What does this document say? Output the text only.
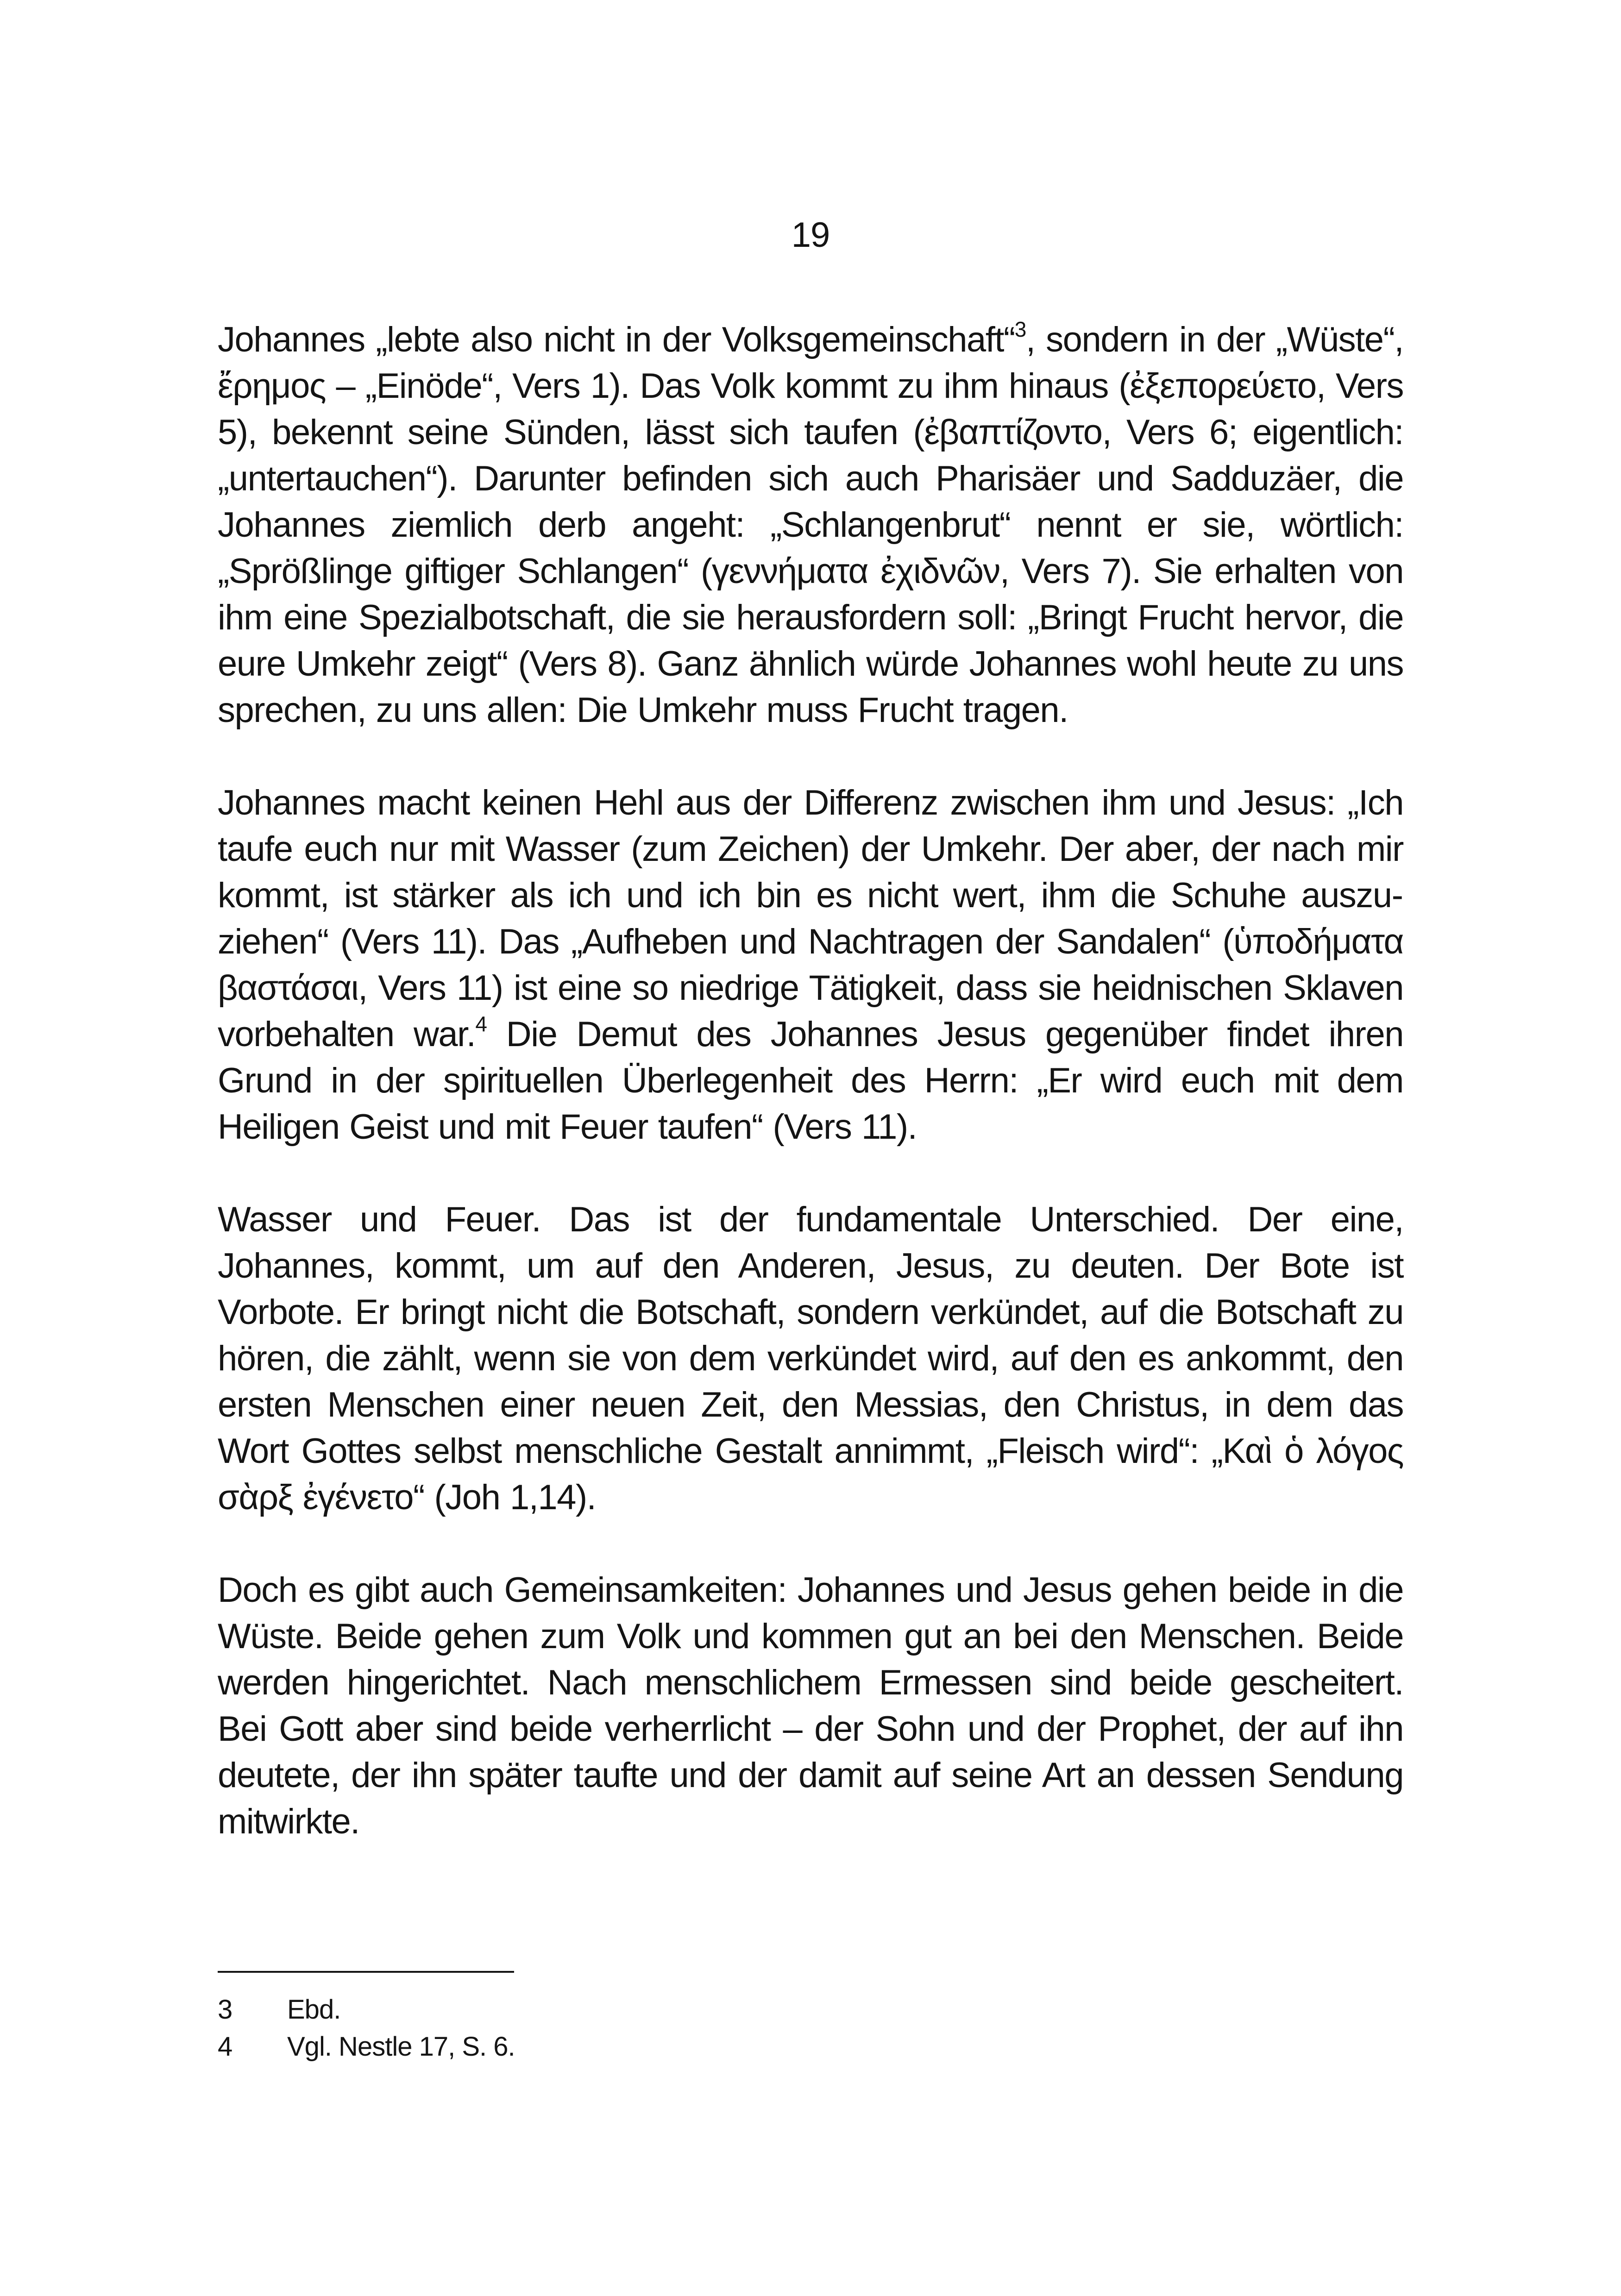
19

Johannes „lebte also nicht in der Volksgemeinschaft“$^3$, sondern in der „Wüste“, ἔρημος – „Einöde“, Vers 1). Das Volk kommt zu ihm hinaus (ἐξεπορεύετο, Vers 5), bekennt seine Sünden, lässt sich taufen (ἐβαπτίζοντο, Vers 6; eigentlich: „untertauchen“). Darunter befinden sich auch Pharisäer und Sadduzäer, die Johannes ziemlich derb angeht: „Schlangenbrut“ nennt er sie, wörtlich: „Sprößlinge giftiger Schlangen“ (γεννήματα ἐχιδνῶν, Vers 7). Sie erhalten von ihm eine Spezialbotschaft, die sie herausfordern soll: „Bringt Frucht hervor, die eure Umkehr zeigt“ (Vers 8). Ganz ähnlich würde Johannes wohl heute zu uns sprechen, zu uns allen: Die Umkehr muss Frucht tragen.

Johannes macht keinen Hehl aus der Differenz zwischen ihm und Jesus: „Ich taufe euch nur mit Wasser (zum Zeichen) der Umkehr. Der aber, der nach mir kommt, ist stärker als ich und ich bin es nicht wert, ihm die Schuhe auszuziehen“ (Vers 11). Das „Aufheben und Nachtragen der Sandalen“ (ὑποδήματα βαστάσαι, Vers 11) ist eine so niedrige Tätigkeit, dass sie heidnischen Sklaven vorbehalten war.$^4$ Die Demut des Johannes Jesus gegenüber findet ihren Grund in der spirituellen Überlegenheit des Herrn: „Er wird euch mit dem Heiligen Geist und mit Feuer taufen“ (Vers 11).

Wasser und Feuer. Das ist der fundamentale Unterschied. Der eine, Johannes, kommt, um auf den Anderen, Jesus, zu deuten. Der Bote ist Vorbote. Er bringt nicht die Botschaft, sondern verkündet, auf die Botschaft zu hören, die zählt, wenn sie von dem verkündet wird, auf den es ankommt, den ersten Menschen einer neuen Zeit, den Messias, den Christus, in dem das Wort Gottes selbst menschliche Gestalt annimmt, „Fleisch wird“: „Καὶ ὁ λόγος σὰρξ ἐγένετο“ (Joh 1,14).

Doch es gibt auch Gemeinsamkeiten: Johannes und Jesus gehen beide in die Wüste. Beide gehen zum Volk und kommen gut an bei den Menschen. Beide werden hingerichtet. Nach menschlichem Ermessen sind beide gescheitert. Bei Gott aber sind beide verherrlicht – der Sohn und der Prophet, der auf ihn deutete, der ihn später taufte und der damit auf seine Art an dessen Sendung mitwirkte.

3	Ebd.
4	Vgl. Nestle 17, S. 6.
